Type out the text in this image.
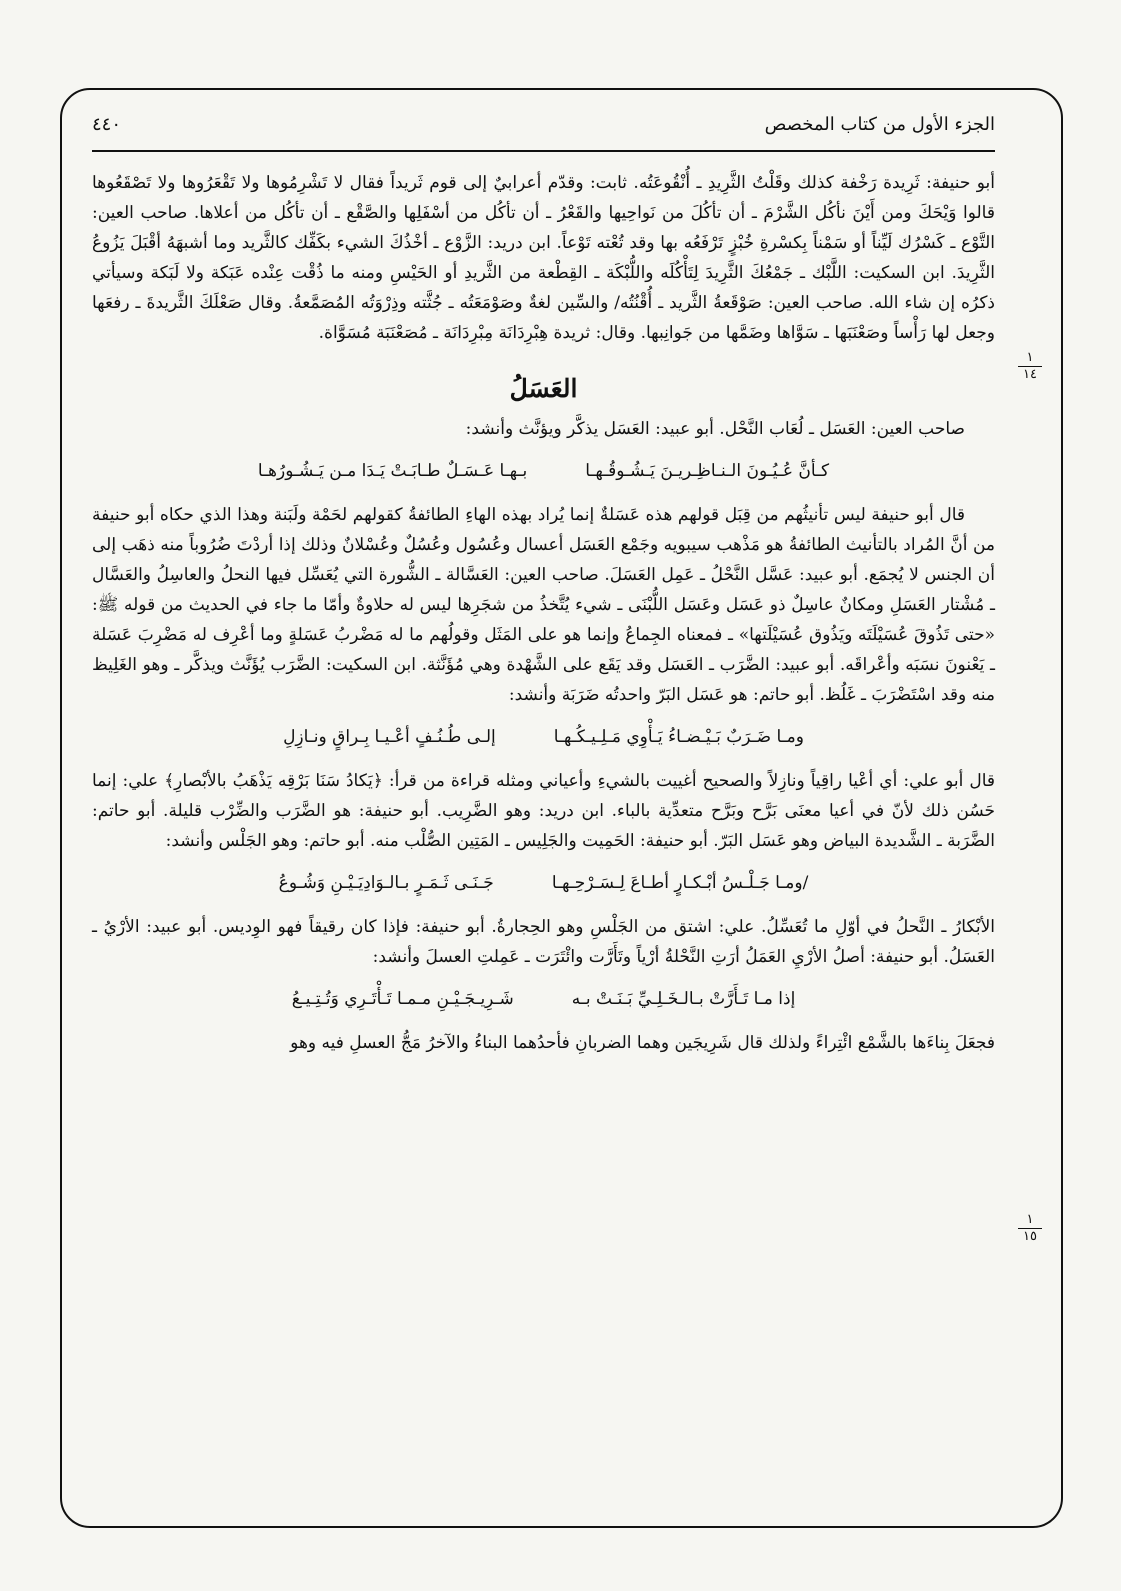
٤٤٠	الجزء الأول من كتاب المخصص
١
١٤
١
١٥

أبو حنيفة: ثَرِيدة رَخْفة كذلك وقَلْتُ الثَّرِيدِ ـ أُنْقُوعَتُه. ثابت: وقدّم أعرابيٌ إلى قوم ثَريداً فقال لا تَشْرِمُوها ولا تَقْعَرُوها ولا تَصْقَعُوها قالوا وَيْحَكَ ومن أَيْنَ نأكُل الشَّرْمَ ـ أن تأكُلَ من نَواحِيها والقَعْرُ ـ أن تأكُل من أسْفَلِها والصَّقْع ـ أن تأكُل من أعلاها. صاحب العين: التَّوْع ـ كَسْرُك لَيِّناً أو سَمْناً بِكسْرةِ خُبْزٍ تَرْفَعُه بها وقد تُعْته تَوْعاً. ابن دريد: الزَّوْع ـ أخْذُكَ الشيء بكَفِّك كالثَّريد وما أشبهَهُ أقْبَلَ يَزُوعُ الثَّرِيدَ. ابن السكيت: اللَّبْك ـ جَمْعُكَ الثَّرِيدَ لِتَأْكُلَه واللُّبْكَة ـ القِطْعة من الثَّريدِ أو الحَيْسِ ومنه ما ذُقْت عِنْده عَبَكة ولا لَبَكة وسيأتي ذكرُه إن شاء الله. صاحب العين: صَوْقَعةُ الثَّريد ـ أُقْنُتُه/ والسِّين لغةٌ وصَوْمَعَتُه ـ جُثَّته وذِرْوَتُه المُصَمَّعةُ. وقال صَعْلَكَ الثَّريدةَ ـ رفعَها وجعل لها رَأْساً وصَعْنَبَها ـ سَوَّاها وضَمَّها من جَوانِبها. وقال: ثريدة هِبْرِدَانَة مِبْرِدَانَة ـ مُصَعْنَبَة مُسَوَّاة.

العَسَلُ

صاحب العين: العَسَل ـ لُعَاب النَّحْل. أبو عبيد: العَسَل يذكَّر ويؤنَّث وأنشد:

كـأنَّ عُـيُـونَ الـنـاظِـريـنَ يَـشُـوقُـهـا
بـهـا عَـسَـلٌ طـابَـتْ يَـدَا مـن يَـشُـورُهـا

قال أبو حنيفة ليس تأنيثُهم من قِبَل قولهم هذه عَسَلةٌ إنما يُراد بهذه الهاءِ الطائفةُ كقولهم لحَمْة ولَبَنة وهذا الذي حكاه أبو حنيفة من أنَّ المُراد بالتأنيث الطائفةُ هو مَذْهب سيبويه وجَمْع العَسَل أعسال وعُسُول وعُسُلٌ وعُسْلانٌ وذلك إذا أردْتَ ضُرُوباً منه ذهَب إلى أن الجنس لا يُجمَع. أبو عبيد: عَسَّل النَّحْلُ ـ عَمِل العَسَلَ. صاحب العين: العَسَّالة ـ الشُّورة التي يُعَسِّل فيها النحلُ والعاسِلُ والعَسَّال ـ مُشْتار العَسَلِ ومكانٌ عاسِلٌ ذو عَسَل وعَسَل اللُّبْنَى ـ شيء يُتَّخذُ من شجَرِها ليس له حلاوةٌ وأمّا ما جاء في الحديث من قوله ﷺ: «حتى تَذُوقَ عُسَيْلَتَه ويَذُوق عُسَيْلَتها» ـ فمعناه الجِماعُ وإنما هو على المَثَل وقولُهم ما له مَضْربُ عَسَلةٍ وما أعْرِف له مَضْرِبَ عَسَلة ـ يَعْنونَ نسَبَه وأعْراقَه. أبو عبيد: الضَّرَب ـ العَسَل وقد يَقَع على الشَّهْدة وهي مُؤَنَّثة. ابن السكيت: الضَّرَب يُؤَنَّث ويذكَّر ـ وهو الغَلِيظ منه وقد اسْتَضْرَبَ ـ غَلُظ. أبو حاتم: هو عَسَل البَرّ واحدتُه ضَرَبَة وأنشد:

ومـا ضَـرَبٌ بَـيْـضـاءُ يَـأْوِي مَـلِـيـكُـهـا
إلـى طُـنُـفٍ أعْـيـا بِـراقٍ ونـازِلِ

قال أبو علي: أي أعْيا راقِياً ونازِلاً والصحيح أغييت بالشيءِ وأعياني ومثله قراءة من قرأ: ﴿يَكادُ سَنَا بَرْقِه يَذْهَبُ بالأبْصارِ﴾ علي: إنما حَسُن ذلك لأنّ في أعيا معنَى بَرَّح وبَرَّح متعدِّية بالباء. ابن دريد: وهو الضَّرِيب. أبو حنيفة: هو الضَّرَب والضِّرْب قليلة. أبو حاتم: الضَّرَبة ـ الشَّديدة البياض وهو عَسَل البَرّ. أبو حنيفة: الحَمِيت والجَلِيس ـ المَتِين الصُّلْب منه. أبو حاتم: وهو الجَلْس وأنشد:

/ومـا جَـلْـسُ أبْـكـارٍ أطـاعَ لِـسَـرْحِـهـا
جَـنَـى ثَـمَـرٍ بـالـوَادِيَـيْـنِ وَشُـوعُ

الأبْكارُ ـ النَّحلُ في أوّلِ ما تُعَسِّلُ. علي: اشتق من الجَلْسِ وهو الحِجارةُ. أبو حنيفة: فإذا كان رقيقاً فهو الوِديس. أبو عبيد: الأرْيُ ـ العَسَلُ. أبو حنيفة: أصلُ الأرْيِ العَمَلُ أرَتِ النَّحْلةُ أرْياً وتَأَرَّت وائْتَرَت ـ عَمِلتِ العسلَ وأنشد:

إذا مـا تَـأَرَّتْ بـالـخَـلِـيِّ بَـنَـتْ بـه
شَـرِيـجَـيْـنِ مـمـا تَـأْتَـرِي وَتُـتِـيـعُ

فجعَلَ بِناءَها بالشَّمْع ائْتِراءً ولذلك قال شَرِيجَين وهما الضربانِ فأحدُهما البناءُ والآخرُ مَجُّ العسلِ فيه وهو
